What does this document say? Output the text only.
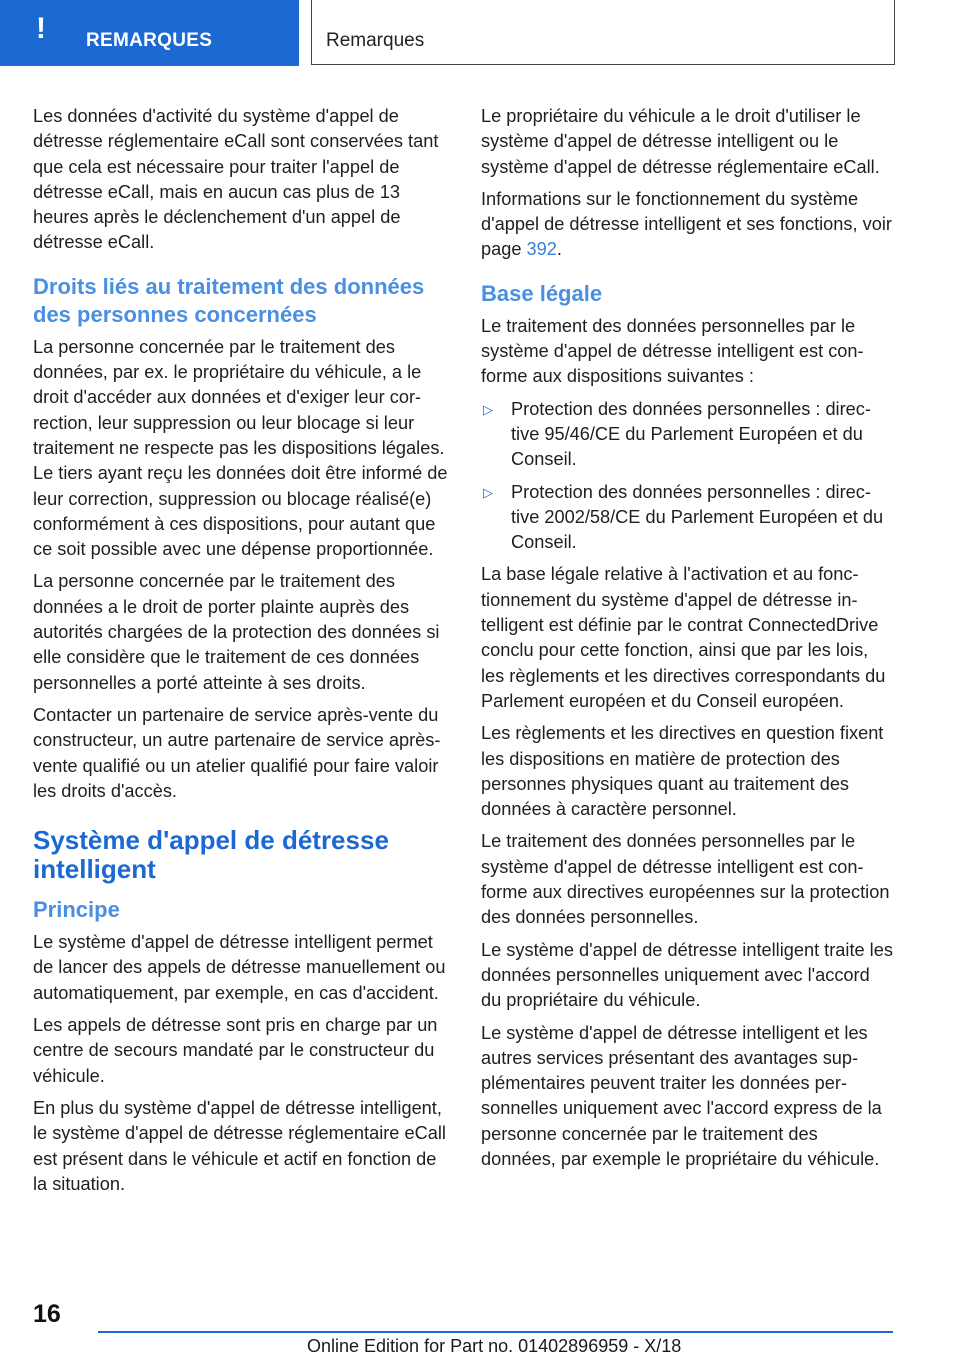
! REMARQUES	Remarques

Les données d'activité du système d'appel de détresse réglementaire eCall sont conservées tant que cela est nécessaire pour traiter l'appel de détresse eCall, mais en aucun cas plus de 13 heures après le déclenchement d'un appel de détresse eCall.

Droits liés au traitement des données des personnes concernées

La personne concernée par le traitement des données, par ex. le propriétaire du véhicule, a le droit d'accéder aux données et d'exiger leur correction, leur suppression ou leur blocage si leur traitement ne respecte pas les dispositions légales. Le tiers ayant reçu les données doit être informé de leur correction, suppression ou blocage réalisé(e) conformément à ces dispositions, pour autant que ce soit possible avec une dépense proportionnée.

La personne concernée par le traitement des données a le droit de porter plainte auprès des autorités chargées de la protection des données si elle considère que le traitement de ces données personnelles a porté atteinte à ses droits.

Contacter un partenaire de service après-vente du constructeur, un autre partenaire de service après-vente qualifié ou un atelier qualifié pour faire valoir les droits d'accès.

Système d'appel de détresse intelligent
Principe

Le système d'appel de détresse intelligent permet de lancer des appels de détresse manuellement ou automatiquement, par exemple, en cas d'accident.

Les appels de détresse sont pris en charge par un centre de secours mandaté par le constructeur du véhicule.

En plus du système d'appel de détresse intelligent, le système d'appel de détresse réglementaire eCall est présent dans le véhicule et actif en fonction de la situation.

Le propriétaire du véhicule a le droit d'utiliser le système d'appel de détresse intelligent ou le système d'appel de détresse réglementaire eCall.

Informations sur le fonctionnement du système d'appel de détresse intelligent et ses fonctions, voir page 392.

Base légale

Le traitement des données personnelles par le système d'appel de détresse intelligent est conforme aux dispositions suivantes :

▷ Protection des données personnelles : directive 95/46/CE du Parlement Européen et du Conseil.

▷ Protection des données personnelles : directive 2002/58/CE du Parlement Européen et du Conseil.

La base légale relative à l'activation et au fonctionnement du système d'appel de détresse intelligent est définie par le contrat ConnectedDrive conclu pour cette fonction, ainsi que par les lois, les règlements et les directives correspondants du Parlement européen et du Conseil européen.

Les règlements et les directives en question fixent les dispositions en matière de protection des personnes physiques quant au traitement des données à caractère personnel.

Le traitement des données personnelles par le système d'appel de détresse intelligent est conforme aux directives européennes sur la protection des données personnelles.

Le système d'appel de détresse intelligent traite les données personnelles uniquement avec l'accord du propriétaire du véhicule.

Le système d'appel de détresse intelligent et les autres services présentant des avantages supplémentaires peuvent traiter les données personnelles uniquement avec l'accord express de la personne concernée par le traitement des données, par exemple le propriétaire du véhicule.

16
Online Edition for Part no. 01402896959 - X/18
